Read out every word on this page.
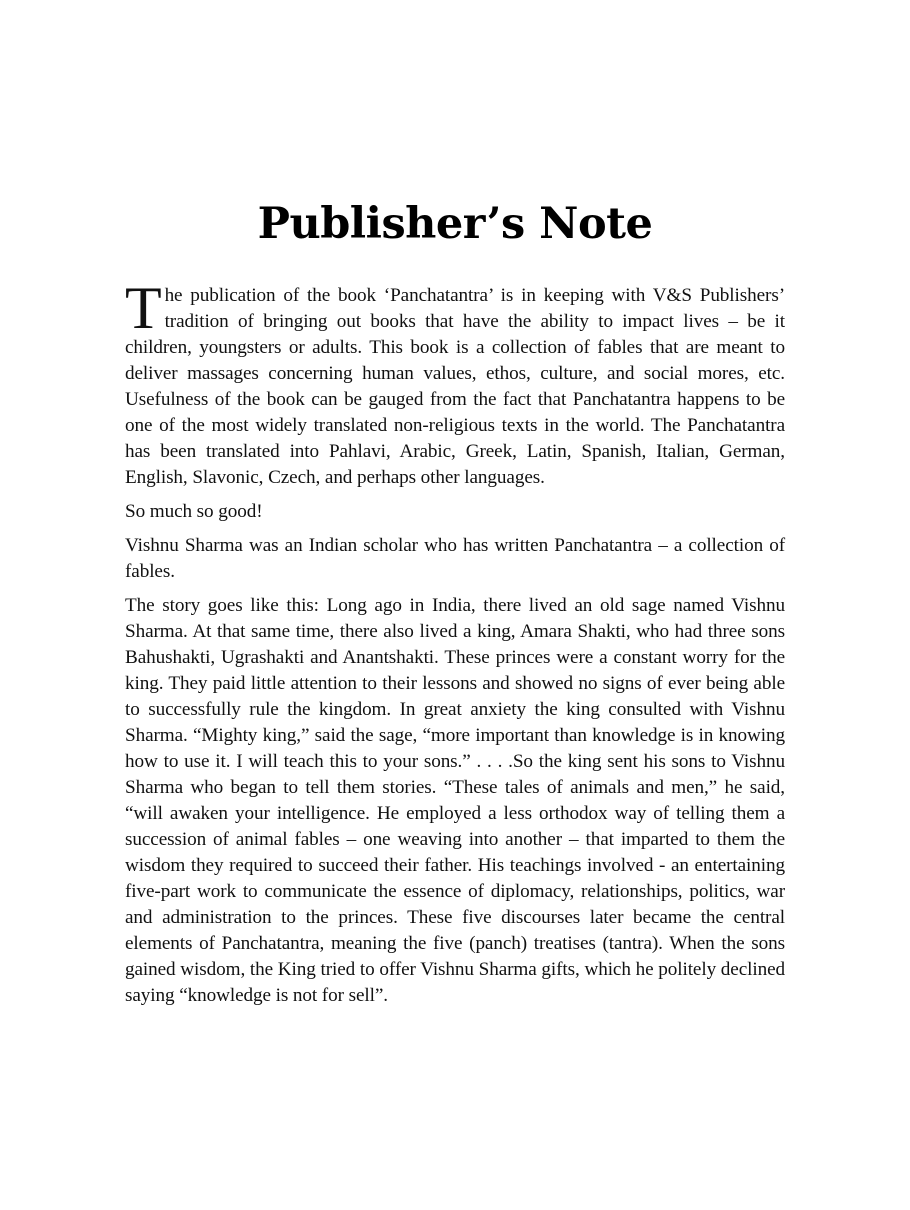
Publisher’s Note

The publication of the book ‘Panchatantra’ is in keeping with V&S Publishers’ tradition of bringing out books that have the ability to impact lives – be it children, youngsters or adults. This book is a collection of fables that are meant to deliver massages concerning human values, ethos, culture, and social mores, etc. Usefulness of the book can be gauged from the fact that Panchatantra happens to be one of the most widely translated non-religious texts in the world. The Panchatantra has been translated into Pahlavi, Arabic, Greek, Latin, Spanish, Italian, German, English, Slavonic, Czech, and perhaps other languages.

So much so good!

Vishnu Sharma was an Indian scholar who has written Panchatantra – a collection of fables.

The story goes like this: Long ago in India, there lived an old sage named Vishnu Sharma. At that same time, there also lived a king, Amara Shakti, who had three sons Bahushakti, Ugrashakti and Anantshakti. These princes were a constant worry for the king. They paid little attention to their lessons and showed no signs of ever being able to successfully rule the kingdom. In great anxiety the king consulted with Vishnu Sharma. “Mighty king,” said the sage, “more important than knowledge is in knowing how to use it. I will teach this to your sons.” . . . .So the king sent his sons to Vishnu Sharma who began to tell them stories. “These tales of animals and men,” he said, “will awaken your intelligence. He employed a less orthodox way of telling them a succession of animal fables – one weaving into another – that imparted to them the wisdom they required to succeed their father. His teachings involved - an entertaining five-part work to communicate the essence of diplomacy, relationships, politics, war and administration to the princes. These five discourses later became the central elements of Panchatantra, meaning the five (panch) treatises (tantra). When the sons gained wisdom, the King tried to offer Vishnu Sharma gifts, which he politely declined saying “knowledge is not for sell”.
